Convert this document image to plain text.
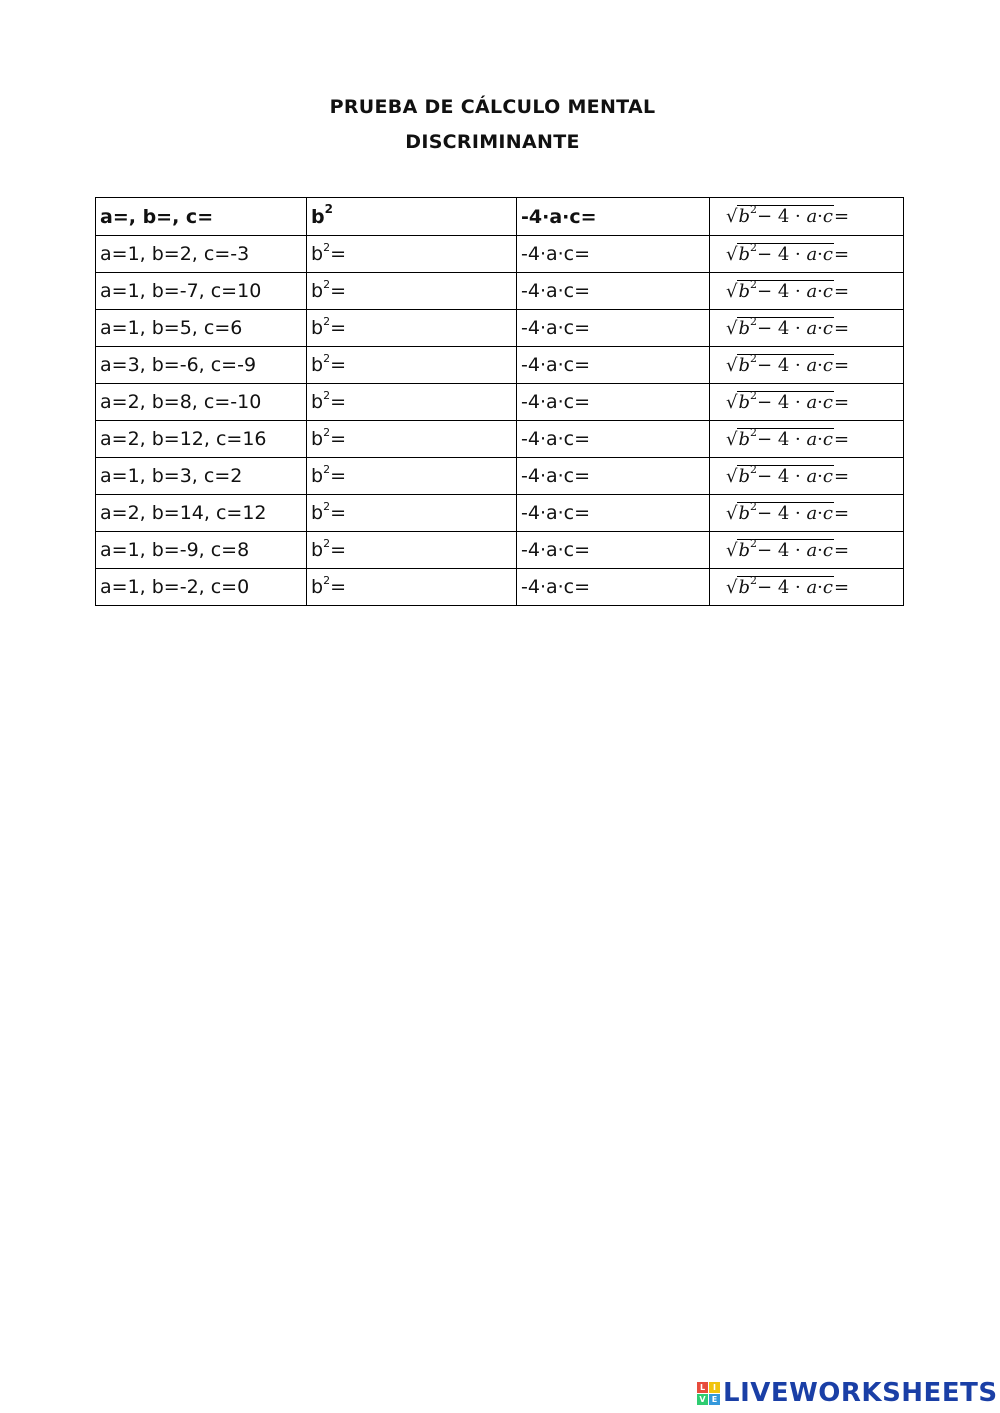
PRUEBA DE CÁLCULO MENTAL
DISCRIMINANTE
a=, b=, c=	$b^2$	-4·a·c=	$√b^2- 4 \cdot a\cdot c=$
a=1, b=2, c=-3	$b^2=$	-4·a·c=	$√b^2- 4 \cdot a\cdot c=$
a=1, b=-7, c=10	$b^2=$	-4·a·c=	$√b^2- 4 \cdot a\cdot c=$
a=1, b=5, c=6	$b^2=$	-4·a·c=	$√b^2- 4 \cdot a\cdot c=$
a=3, b=-6, c=-9	$b^2=$	-4·a·c=	$√b^2- 4 \cdot a\cdot c=$
a=2, b=8, c=-10	$b^2=$	-4·a·c=	$√b^2- 4 \cdot a\cdot c=$
a=2, b=12, c=16	$b^2=$	-4·a·c=	$√b^2- 4 \cdot a\cdot c=$
a=1, b=3, c=2	$b^2=$	-4·a·c=	$√b^2- 4 \cdot a\cdot c=$
a=2, b=14, c=12	$b^2=$	-4·a·c=	$√b^2- 4 \cdot a\cdot c=$
a=1, b=-9, c=8	$b^2=$	-4·a·c=	$√b^2- 4 \cdot a\cdot c=$
a=1, b=-2, c=0	$b^2=$	-4·a·c=	$√b^2- 4 \cdot a\cdot c=$
L I
V E LIVEWORKSHEETS
